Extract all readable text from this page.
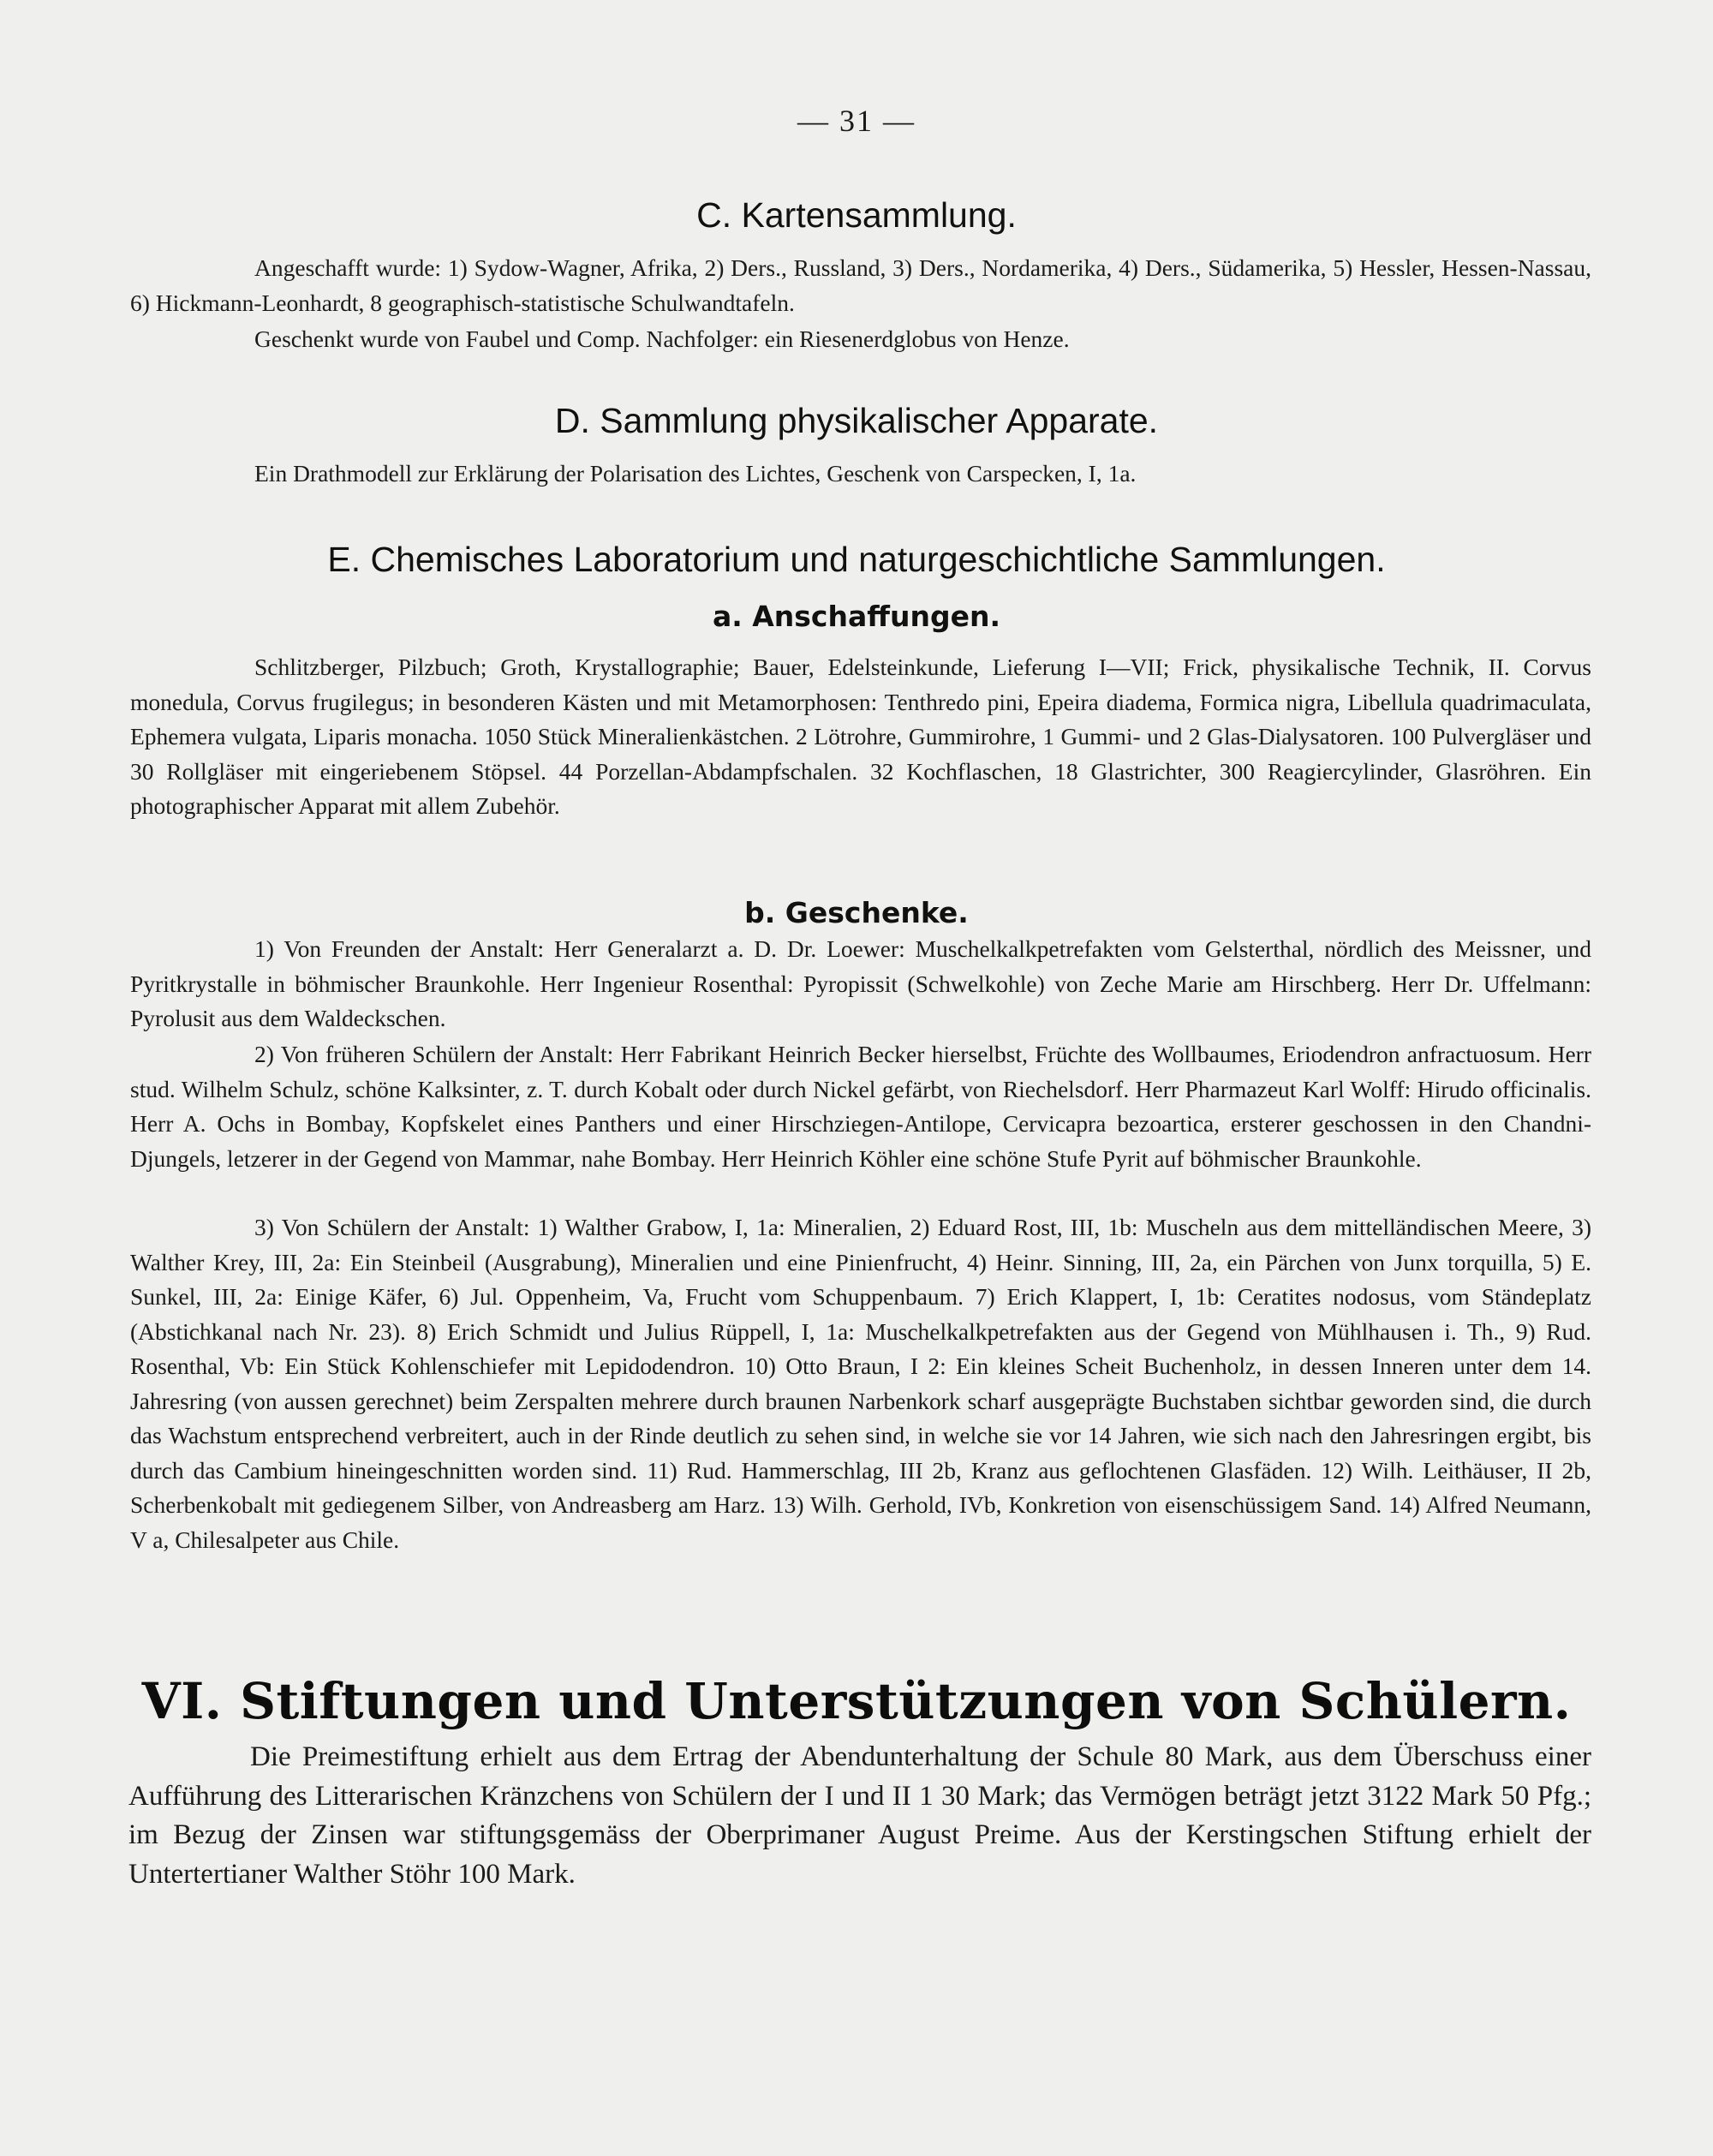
— 31 —
C. Kartensammlung.
Angeschafft wurde: 1) Sydow-Wagner, Afrika, 2) Ders., Russland, 3) Ders., Nordamerika, 4) Ders., Südamerika, 5) Hessler, Hessen-Nassau, 6) Hickmann-Leonhardt, 8 geographisch-statistische Schulwandtafeln.
Geschenkt wurde von Faubel und Comp. Nachfolger: ein Riesenerdglobus von Henze.
D. Sammlung physikalischer Apparate.
Ein Drathmodell zur Erklärung der Polarisation des Lichtes, Geschenk von Carspecken, I, 1a.
E. Chemisches Laboratorium und naturgeschichtliche Sammlungen.
a. Anschaffungen.
Schlitzberger, Pilzbuch; Groth, Krystallographie; Bauer, Edelsteinkunde, Lieferung I—VII; Frick, physikalische Technik, II. Corvus monedula, Corvus frugilegus; in besonderen Kästen und mit Metamorphosen: Tenthredo pini, Epeira diadema, Formica nigra, Libellula quadrimaculata, Ephemera vulgata, Liparis monacha. 1050 Stück Mineralienkästchen. 2 Lötrohre, Gummirohre, 1 Gummi- und 2 Glas-Dialysatoren. 100 Pulvergläser und 30 Rollgläser mit eingeriebenem Stöpsel. 44 Porzellan-Abdampfschalen. 32 Kochflaschen, 18 Glastrichter, 300 Reagiercylinder, Glasröhren. Ein photographischer Apparat mit allem Zubehör.
b. Geschenke.
1) Von Freunden der Anstalt: Herr Generalarzt a. D. Dr. Loewer: Muschelkalkpetrefakten vom Gelsterthal, nördlich des Meissner, und Pyritkrystalle in böhmischer Braunkohle. Herr Ingenieur Rosenthal: Pyropissit (Schwelkohle) von Zeche Marie am Hirschberg. Herr Dr. Uffelmann: Pyrolusit aus dem Waldeckschen.
2) Von früheren Schülern der Anstalt: Herr Fabrikant Heinrich Becker hierselbst, Früchte des Wollbaumes, Eriodendron anfractuosum. Herr stud. Wilhelm Schulz, schöne Kalksinter, z. T. durch Kobalt oder durch Nickel gefärbt, von Riechelsdorf. Herr Pharmazeut Karl Wolff: Hirudo officinalis. Herr A. Ochs in Bombay, Kopfskelet eines Panthers und einer Hirschziegen-Antilope, Cervicapra bezoartica, ersterer geschossen in den Chandni-Djungels, letzerer in der Gegend von Mammar, nahe Bombay. Herr Heinrich Köhler eine schöne Stufe Pyrit auf böhmischer Braunkohle.
3) Von Schülern der Anstalt: 1) Walther Grabow, I, 1a: Mineralien, 2) Eduard Rost, III, 1b: Muscheln aus dem mittelländischen Meere, 3) Walther Krey, III, 2a: Ein Steinbeil (Ausgrabung), Mineralien und eine Pinienfrucht, 4) Heinr. Sinning, III, 2a, ein Pärchen von Junx torquilla, 5) E. Sunkel, III, 2a: Einige Käfer, 6) Jul. Oppenheim, Va, Frucht vom Schuppenbaum. 7) Erich Klappert, I, 1b: Ceratites nodosus, vom Ständeplatz (Abstichkanal nach Nr. 23). 8) Erich Schmidt und Julius Rüppell, I, 1a: Muschelkalkpetrefakten aus der Gegend von Mühlhausen i. Th., 9) Rud. Rosenthal, Vb: Ein Stück Kohlenschiefer mit Lepidodendron. 10) Otto Braun, I 2: Ein kleines Scheit Buchenholz, in dessen Inneren unter dem 14. Jahresring (von aussen gerechnet) beim Zerspalten mehrere durch braunen Narbenkork scharf ausgeprägte Buchstaben sichtbar geworden sind, die durch das Wachstum entsprechend verbreitert, auch in der Rinde deutlich zu sehen sind, in welche sie vor 14 Jahren, wie sich nach den Jahresringen ergibt, bis durch das Cambium hineingeschnitten worden sind. 11) Rud. Hammerschlag, III 2b, Kranz aus geflochtenen Glasfäden. 12) Wilh. Leithäuser, II 2b, Scherbenkobalt mit gediegenem Silber, von Andreasberg am Harz. 13) Wilh. Gerhold, IVb, Konkretion von eisenschüssigem Sand. 14) Alfred Neumann, V a, Chilesalpeter aus Chile.
VI. Stiftungen und Unterstützungen von Schülern.
Die Preimestiftung erhielt aus dem Ertrag der Abendunterhaltung der Schule 80 Mark, aus dem Überschuss einer Aufführung des Litterarischen Kränzchens von Schülern der I und II 1 30 Mark; das Vermögen beträgt jetzt 3122 Mark 50 Pfg.; im Bezug der Zinsen war stiftungsgemäss der Oberprimaner August Preime. Aus der Kerstingschen Stiftung erhielt der Untertertianer Walther Stöhr 100 Mark.
